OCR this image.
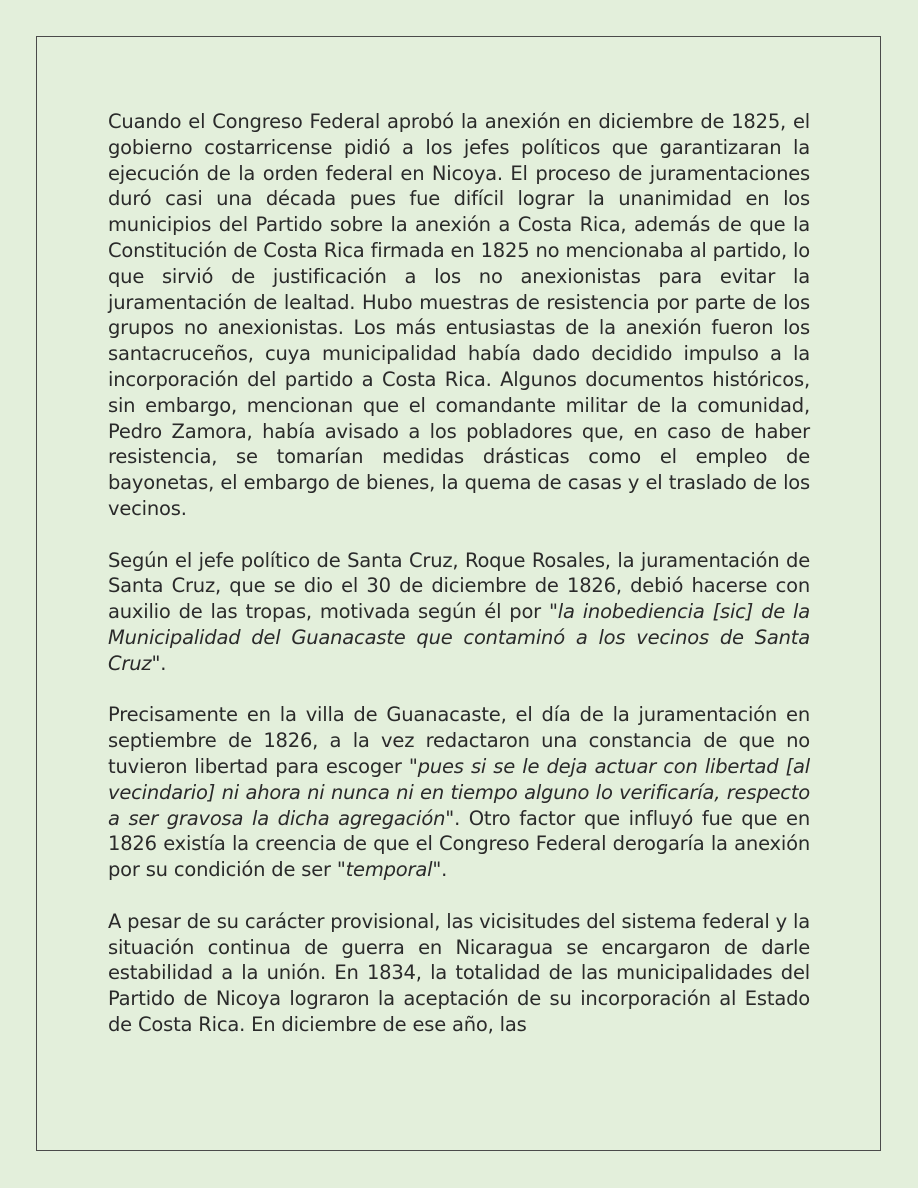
Cuando el Congreso Federal aprobó la anexión en diciembre de 1825, el gobierno costarricense pidió a los jefes políticos que garantizaran la ejecución de la orden federal en Nicoya. El proceso de juramentaciones duró casi una década pues fue difícil lograr la unanimidad en los municipios del Partido sobre la anexión a Costa Rica, además de que la Constitución de Costa Rica firmada en 1825 no mencionaba al partido, lo que sirvió de justificación a los no anexionistas para evitar la juramentación de lealtad. Hubo muestras de resistencia por parte de los grupos no anexionistas. Los más entusiastas de la anexión fueron los santacruceños, cuya municipalidad había dado decidido impulso a la incorporación del partido a Costa Rica. Algunos documentos históricos, sin embargo, mencionan que el comandante militar de la comunidad, Pedro Zamora, había avisado a los pobladores que, en caso de haber resistencia, se tomarían medidas drásticas como el empleo de bayonetas, el embargo de bienes, la quema de casas y el traslado de los vecinos.

Según el jefe político de Santa Cruz, Roque Rosales, la juramentación de Santa Cruz, que se dio el 30 de diciembre de 1826, debió hacerse con auxilio de las tropas, motivada según él por "la inobediencia [sic] de la Municipalidad del Guanacaste que contaminó a los vecinos de Santa Cruz".

Precisamente en la villa de Guanacaste, el día de la juramentación en septiembre de 1826, a la vez redactaron una constancia de que no tuvieron libertad para escoger "pues si se le deja actuar con libertad [al vecindario] ni ahora ni nunca ni en tiempo alguno lo verificaría, respecto a ser gravosa la dicha agregación". Otro factor que influyó fue que en 1826 existía la creencia de que el Congreso Federal derogaría la anexión por su condición de ser "temporal".

A pesar de su carácter provisional, las vicisitudes del sistema federal y la situación continua de guerra en Nicaragua se encargaron de darle estabilidad a la unión. En 1834, la totalidad de las municipalidades del Partido de Nicoya lograron la aceptación de su incorporación al Estado de Costa Rica. En diciembre de ese año, las
